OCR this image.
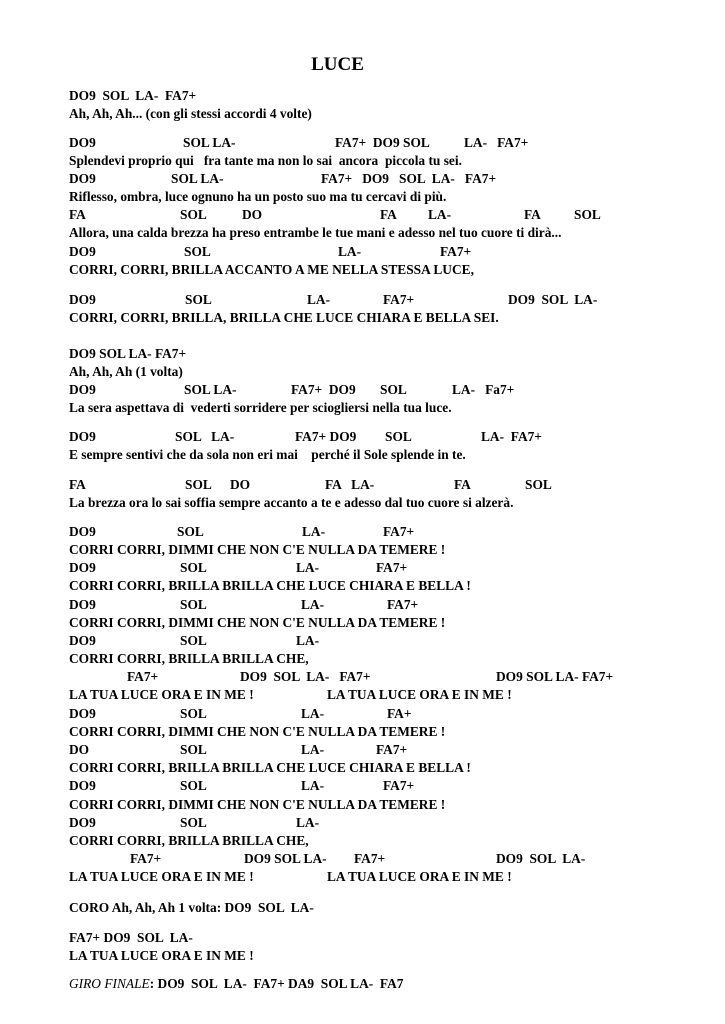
LUCE
DO9  SOL  LA-  FA7+
Ah, Ah, Ah... (con gli stessi accordi 4 volte)
DO9	SOL LA-	FA7+  DO9 SOL	LA-   FA7+
Splendevi proprio qui   fra tante ma non lo sai  ancora  piccola tu sei.
DO9	SOL LA-	FA7+   DO9   SOL  LA-   FA7+
Riflesso, ombra, luce ognuno ha un posto suo ma tu cercavi di più.
FA	SOL	DO	FA LA-	FA SOL
Allora, una calda brezza ha preso entrambe le tue mani e adesso nel tuo cuore ti dirà...
DO9	SOL	LA-	FA7+
CORRI, CORRI, BRILLA ACCANTO A ME NELLA STESSA LUCE,
DO9	SOL	LA-	FA7+	DO9  SOL  LA-
CORRI, CORRI, BRILLA, BRILLA CHE LUCE CHIARA E BELLA SEI.
DO9 SOL LA- FA7+
Ah, Ah, Ah (1 volta)
DO9	SOL LA-	FA7+  DO9 SOL	LA-   Fa7+
La sera aspettava di  vederti sorridere per sciogliersi nella tua luce.
DO9	SOL   LA-	FA7+ DO9 SOL	LA-  FA7+
E sempre sentivi che da sola non eri mai    perché il Sole splende in te.
FA	SOL DO	FA   LA-	FA	SOL
La brezza ora lo sai soffia sempre accanto a te e adesso dal tuo cuore si alzerà.
DO9	SOL	LA-	FA7+
CORRI CORRI, DIMMI CHE NON C'E NULLA DA TEMERE !
DO9	SOL	LA-	FA7+
CORRI CORRI, BRILLA BRILLA CHE LUCE CHIARA E BELLA !
DO9	SOL	LA-	FA7+
CORRI CORRI, DIMMI CHE NON C'E NULLA DA TEMERE !
DO9	SOL	LA-
CORRI CORRI, BRILLA BRILLA CHE,
FA7+	DO9  SOL  LA-   FA7+	DO9 SOL LA- FA7+
LA TUA LUCE ORA E IN ME !	LA TUA LUCE ORA E IN ME !
DO9	SOL	LA-	FA+
CORRI CORRI, DIMMI CHE NON C'E NULLA DA TEMERE !
DO	SOL	LA-	FA7+
CORRI CORRI, BRILLA BRILLA CHE LUCE CHIARA E BELLA !
DO9	SOL	LA-	FA7+
CORRI CORRI, DIMMI CHE NON C'E NULLA DA TEMERE !
DO9	SOL	LA-
CORRI CORRI, BRILLA BRILLA CHE,
FA7+	DO9 SOL LA- FA7+	DO9  SOL  LA-
LA TUA LUCE ORA E IN ME !	LA TUA LUCE ORA E IN ME !
CORO Ah, Ah, Ah 1 volta: DO9  SOL  LA-
FA7+ DO9  SOL  LA-
LA TUA LUCE ORA E IN ME !
GIRO FINALE: DO9  SOL  LA-  FA7+ DA9  SOL LA-  FA7
